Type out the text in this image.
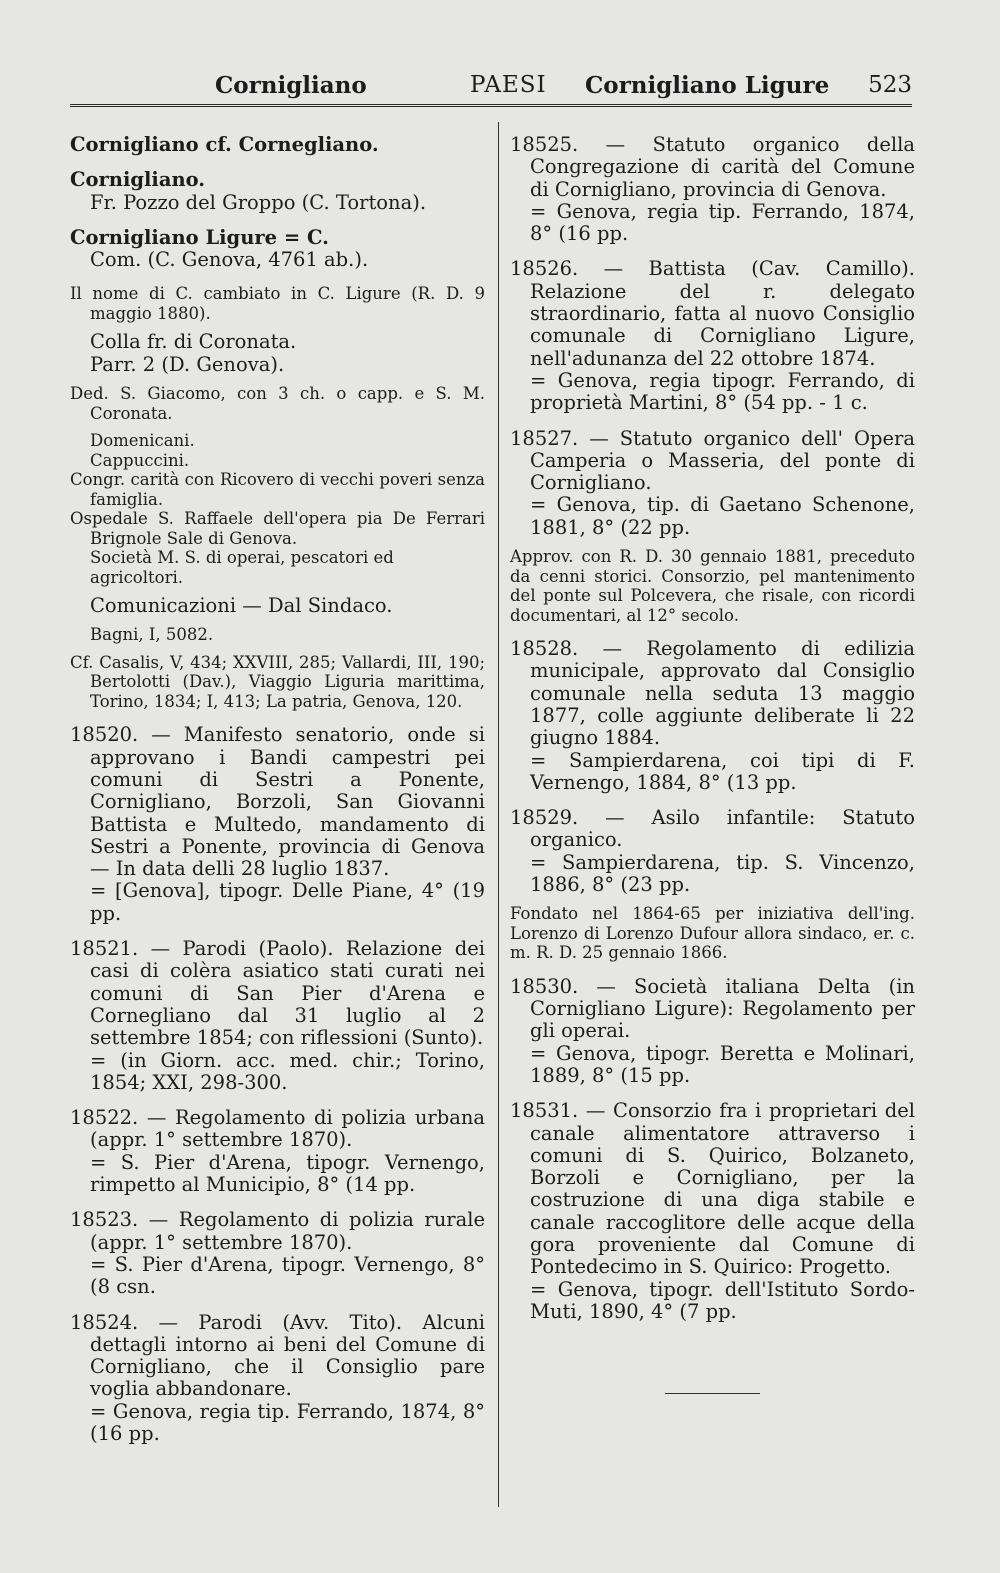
Cornigliano	PAESI Cornigliano Ligure 523

Cornigliano cf. Cornegliano.

Cornigliano.

Fr. Pozzo del Groppo (C. Tortona).

Cornigliano Ligure = C.

Com. (C. Genova, 4761 ab.).

Il nome di C. cambiato in C. Ligure (R. D. 9 maggio 1880).

Colla fr. di Coronata.

Parr. 2 (D. Genova).

Ded. S. Giacomo, con 3 ch. o capp. e S. M. Coronata.

Domenicani.

Cappuccini.

Congr. carità con Ricovero di vecchi poveri senza famiglia.

Ospedale S. Raffaele dell'opera pia De Ferrari Brignole Sale di Genova.

Società M. S. di operai, pescatori ed agricoltori.

Comunicazioni — Dal Sindaco.

Bagni, I, 5082.

Cf. Casalis, V, 434; XXVIII, 285; Vallardi, III, 190; Bertolotti (Dav.), Viaggio Liguria marittima, Torino, 1834; I, 413; La patria, Genova, 120.

18520. — Manifesto senatorio, onde si approvano i Bandi campestri pei comuni di Sestri a Ponente, Cornigliano, Borzoli, San Giovanni Battista e Multedo, mandamento di Sestri a Ponente, provincia di Genova — In data delli 28 luglio 1837.

= [Genova], tipogr. Delle Piane, 4° (19 pp.

18521. — Parodi (Paolo). Relazione dei casi di colèra asiatico stati curati nei comuni di San Pier d'Arena e Cornegliano dal 31 luglio al 2 settembre 1854; con riflessioni (Sunto).

= (in Giorn. acc. med. chir.; Torino, 1854; XXI, 298-300.

18522. — Regolamento di polizia urbana (appr. 1° settembre 1870).

= S. Pier d'Arena, tipogr. Vernengo, rimpetto al Municipio, 8° (14 pp.

18523. — Regolamento di polizia rurale (appr. 1° settembre 1870).

= S. Pier d'Arena, tipogr. Vernengo, 8° (8 csn.

18524. — Parodi (Avv. Tito). Alcuni dettagli intorno ai beni del Comune di Cornigliano, che il Consiglio pare voglia abbandonare.

= Genova, regia tip. Ferrando, 1874, 8° (16 pp.

18525. — Statuto organico della Congregazione di carità del Comune di Cornigliano, provincia di Genova.

= Genova, regia tip. Ferrando, 1874, 8° (16 pp.

18526. — Battista (Cav. Camillo). Relazione del r. delegato straordinario, fatta al nuovo Consiglio comunale di Cornigliano Ligure, nell'adunanza del 22 ottobre 1874.

= Genova, regia tipogr. Ferrando, di proprietà Martini, 8° (54 pp. - 1 c.

18527. — Statuto organico dell' Opera Camperia o Masseria, del ponte di Cornigliano.

= Genova, tip. di Gaetano Schenone, 1881, 8° (22 pp.

Approv. con R. D. 30 gennaio 1881, preceduto da cenni storici. Consorzio, pel mantenimento del ponte sul Polcevera, che risale, con ricordi documentari, al 12° secolo.

18528. — Regolamento di edilizia municipale, approvato dal Consiglio comunale nella seduta 13 maggio 1877, colle aggiunte deliberate li 22 giugno 1884.

= Sampierdarena, coi tipi di F. Vernengo, 1884, 8° (13 pp.

18529. — Asilo infantile: Statuto organico.

= Sampierdarena, tip. S. Vincenzo, 1886, 8° (23 pp.

Fondato nel 1864-65 per iniziativa dell'ing. Lorenzo di Lorenzo Dufour allora sindaco, er. c. m. R. D. 25 gennaio 1866.

18530. — Società italiana Delta (in Cornigliano Ligure): Regolamento per gli operai.

= Genova, tipogr. Beretta e Molinari, 1889, 8° (15 pp.

18531. — Consorzio fra i proprietari del canale alimentatore attraverso i comuni di S. Quirico, Bolzaneto, Borzoli e Cornigliano, per la costruzione di una diga stabile e canale raccoglitore delle acque della gora proveniente dal Comune di Pontedecimo in S. Quirico: Progetto.

= Genova, tipogr. dell'Istituto Sordo-Muti, 1890, 4° (7 pp.
